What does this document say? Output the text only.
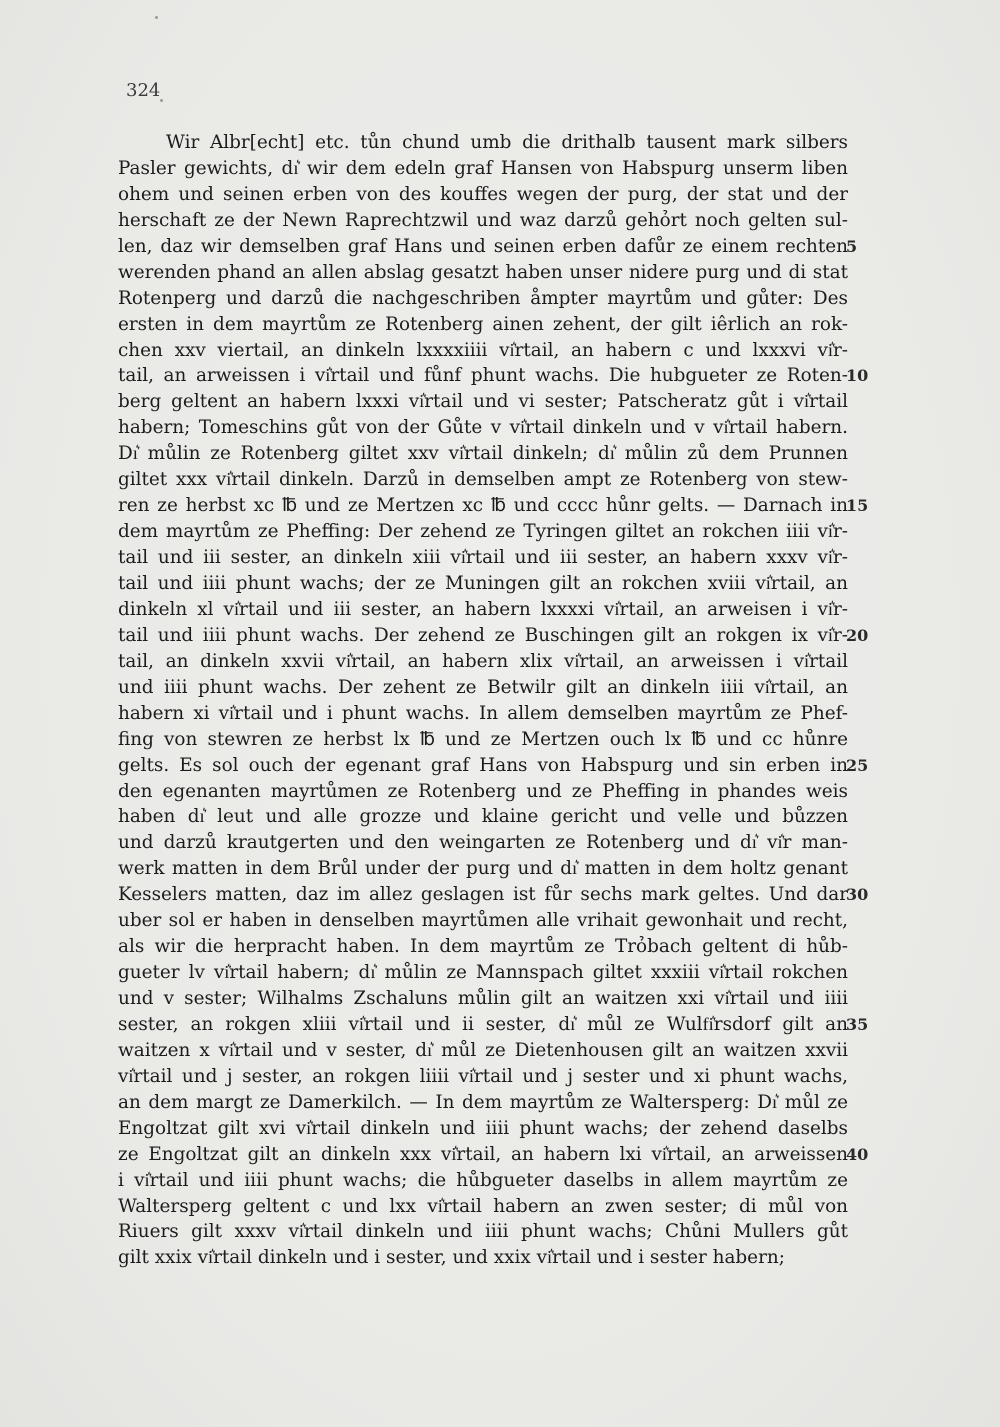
324
Wir Albr[echt] etc. tůn chund umb die drithalb tausent mark silbers
Pasler gewichts, dı͛ wir dem edeln graf Hansen von Habspurg unserm liben
ohem und seinen erben von des kouffes wegen der purg, der stat und der
herschaft ze der Newn Raprechtzwil und waz darzů gehỏrt noch gelten sul-
len, daz wir demselben graf Hans und seinen erben dafůr ze einem rechten
werenden phand an allen abslag gesatzt haben unser nidere purg und di stat
Rotenperg und darzů die nachgeschriben åmpter mayrtům und gůter: Des
ersten in dem mayrtům ze Rotenberg ainen zehent, der gilt iêrlich an rok-
chen xxv viertail, an dinkeln lxxxxiiii vi͛rtail, an habern c und lxxxvi vi͛r-
tail, an arweissen i vi͛rtail und fůnf phunt wachs. Die hubgueter ze Roten-
berg geltent an habern lxxxi vi͛rtail und vi sester; Patscheratz gůt i vi͛rtail
habern; Tomeschins gůt von der Gůte v vi͛rtail dinkeln und v vi͛rtail habern.
Dı͛ můlin ze Rotenberg giltet xxv vi͛rtail dinkeln; dı͛ můlin zů dem Prunnen
giltet xxx vi͛rtail dinkeln. Darzů in demselben ampt ze Rotenberg von stew-
ren ze herbst xc ℔ und ze Mertzen xc ℔ und cccc hůnr gelts. — Darnach in
dem mayrtům ze Pheffing: Der zehend ze Tyringen giltet an rokchen iiii vi͛r-
tail und iii sester, an dinkeln xiii vi͛rtail und iii sester, an habern xxxv vi͛r-
tail und iiii phunt wachs; der ze Muningen gilt an rokchen xviii vi͛rtail, an
dinkeln xl vi͛rtail und iii sester, an habern lxxxxi vi͛rtail, an arweisen i vi͛r-
tail und iiii phunt wachs. Der zehend ze Buschingen gilt an rokgen ix vi͛r-
tail, an dinkeln xxvii vi͛rtail, an habern xlix vi͛rtail, an arweissen i vi͛rtail
und iiii phunt wachs. Der zehent ze Betwilr gilt an dinkeln iiii vi͛rtail, an
habern xi vi͛rtail und i phunt wachs. In allem demselben mayrtům ze Phef-
fing von stewren ze herbst lx ℔ und ze Mertzen ouch lx ℔ und cc hůnre
gelts. Es sol ouch der egenant graf Hans von Habspurg und sin erben in
den egenanten mayrtůmen ze Rotenberg und ze Pheffing in phandes weis
haben dı͛ leut und alle grozze und klaine gericht und velle und bůzzen
und darzů krautgerten und den weingarten ze Rotenberg und dı͛ vi͛r man-
werk matten in dem Brůl under der purg und dı͛ matten in dem holtz genant
Kesselers matten, daz im allez geslagen ist fůr sechs mark geltes. Und dar
uber sol er haben in denselben mayrtůmen alle vrihait gewonhait und recht,
als wir die herpracht haben. In dem mayrtům ze Trỏbach geltent di hůb-
gueter lv vi͛rtail habern; dı͛ můlin ze Mannspach giltet xxxiii vi͛rtail rokchen
und v sester; Wilhalms Zschaluns můlin gilt an waitzen xxi vi͛rtail und iiii
sester, an rokgen xliii vi͛rtail und ii sester, dı͛ můl ze Wulfi͛rsdorf gilt an
waitzen x vi͛rtail und v sester, dı͛ můl ze Dietenhousen gilt an waitzen xxvii
vi͛rtail und j sester, an rokgen liiii vi͛rtail und j sester und xi phunt wachs,
an dem margt ze Damerkilch. — In dem mayrtům ze Waltersperg: Dı͛ můl ze
Engoltzat gilt xvi vi͛rtail dinkeln und iiii phunt wachs; der zehend daselbs
ze Engoltzat gilt an dinkeln xxx vi͛rtail, an habern lxi vi͛rtail, an arweissen
i vi͛rtail und iiii phunt wachs; die hůbgueter daselbs in allem mayrtům ze
Waltersperg geltent c und lxx vi͛rtail habern an zwen sester; di můl von
Riuers gilt xxxv vi͛rtail dinkeln und iiii phunt wachs; Chůni Mullers gůt
gilt xxix vi͛rtail dinkeln und i sester, und xxix vi͛rtail und i sester habern;
5
10
15
20
25
30
35
40
